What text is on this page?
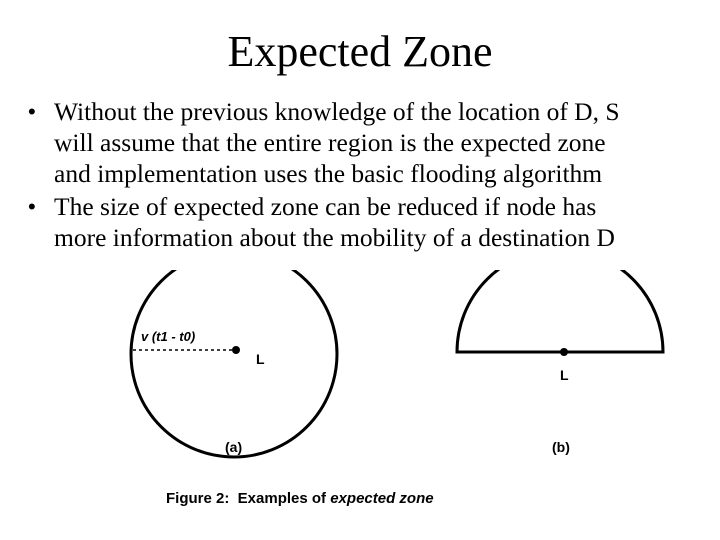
Expected Zone
• Without the previous knowledge of the location of D, S
will assume that the entire region is the expected zone
and implementation uses the basic flooding algorithm
• The size of expected zone can be reduced if node has
more information about the mobility of a destination D
v (t1 - t0)
L
(a)
L
(b)
Figure 2:  Examples of expected zone
